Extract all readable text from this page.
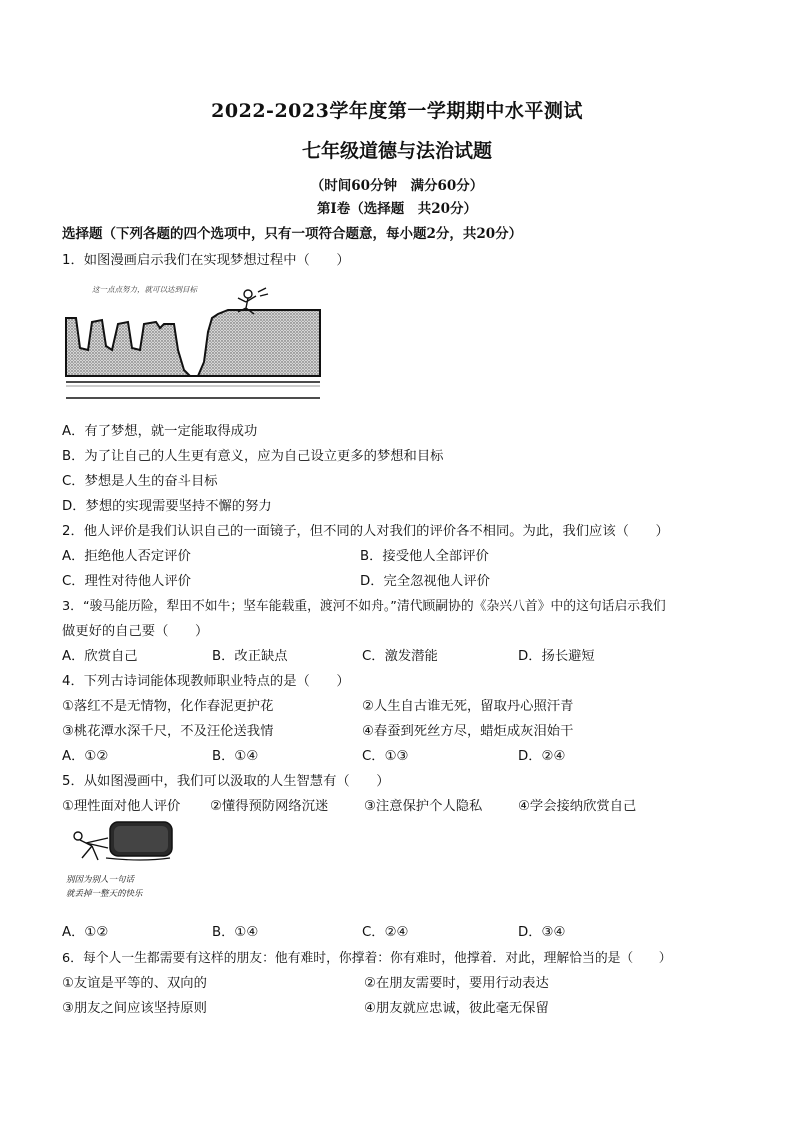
2022-2023学年度第一学期期中水平测试
七年级道德与法治试题
（时间60分钟　满分60分）
第Ⅰ卷（选择题　共20分）
选择题（下列各题的四个选项中，只有一项符合题意，每小题2分，共20分）
1．如图漫画启示我们在实现梦想过程中（　　）
这一点点努力，就可以达到目标
A．有了梦想，就一定能取得成功
B．为了让自己的人生更有意义，应为自己设立更多的梦想和目标
C．梦想是人生的奋斗目标
D．梦想的实现需要坚持不懈的努力
2．他人评价是我们认识自己的一面镜子，但不同的人对我们的评价各不相同。为此，我们应该（　　）
A．拒绝他人否定评价	B．接受他人全部评价
C．理性对待他人评价	D．完全忽视他人评价
3．“骏马能历险，犁田不如牛；坚车能载重，渡河不如舟。”清代顾嗣协的《杂兴八首》中的这句话启示我们
做更好的自己要（　　）
A．欣赏自己	B．改正缺点	C．激发潜能	D．扬长避短
4．下列古诗词能体现教师职业特点的是（　　）
①落红不是无情物，化作春泥更护花	②人生自古谁无死，留取丹心照汗青
③桃花潭水深千尺，不及汪伦送我情	④春蚕到死丝方尽，蜡炬成灰泪始干
A．①②	B．①④	C．①③	D．②④
5．从如图漫画中，我们可以汲取的人生智慧有（　　）
①理性面对他人评价 ②懂得预防网络沉迷	③注意保护个人隐私	④学会接纳欣赏自己
别因为别人一句话
就丢掉一整天的快乐
A．①②	B．①④	C．②④	D．③④
6．每个人一生都需要有这样的朋友：他有难时，你撑着：你有难时，他撑着．对此，理解恰当的是（　　）
①友谊是平等的、双向的	②在朋友需要时，要用行动表达
③朋友之间应该坚持原则	④朋友就应忠诚，彼此毫无保留
